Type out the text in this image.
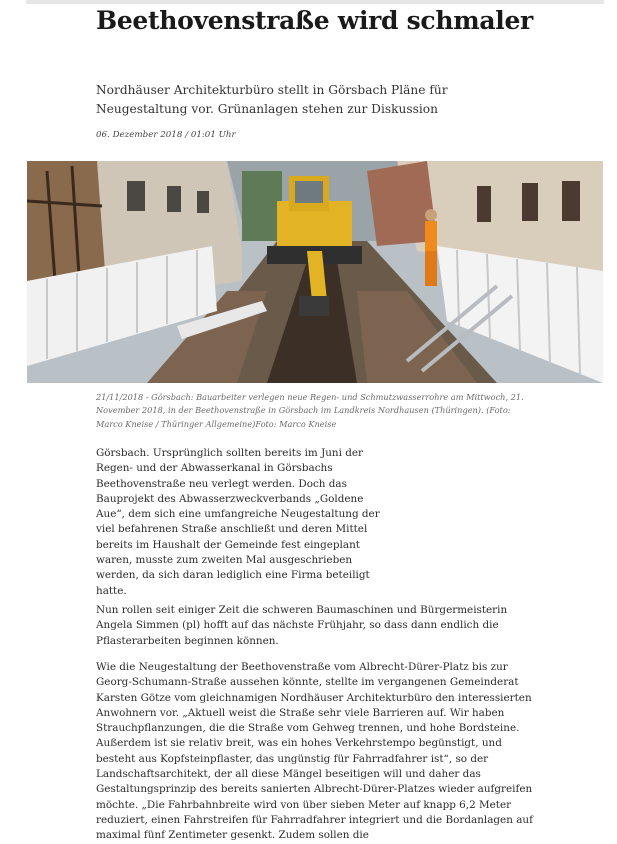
Beethovenstraße wird schmaler

Nordhäuser Architekturbüro stellt in Görsbach Pläne für Neugestaltung vor. Grünanlagen stehen zur Diskussion

06. Dezember 2018 / 01:01 Uhr

21/11/2018 - Görsbach: Bauarbeiter verlegen neue Regen- und Schmutzwasserrohre am Mittwoch, 21. November 2018, in der Beethovenstraße in Görsbach im Landkreis Nordhausen (Thüringen). (Foto: Marco Kneise / Thüringer Allgemeine)Foto: Marco Kneise

Görsbach. Ursprünglich sollten bereits im Juni der Regen- und der Abwasserkanal in Görsbachs Beethovenstraße neu verlegt werden. Doch das Bauprojekt des Abwasserzweckverbands „Goldene Aue“, dem sich eine umfangreiche Neugestaltung der viel befahrenen Straße anschließt und deren Mittel bereits im Haushalt der Gemeinde fest eingeplant waren, musste zum zweiten Mal ausgeschrieben werden, da sich daran lediglich eine Firma beteiligt hatte.

Nun rollen seit einiger Zeit die schweren Baumaschinen und Bürgermeisterin Angela Simmen (pl) hofft auf das nächste Frühjahr, so dass dann endlich die Pflasterarbeiten beginnen können.

Wie die Neugestaltung der Beethovenstraße vom Albrecht-Dürer-Platz bis zur Georg-Schumann-Straße aussehen könnte, stellte im vergangenen Gemeinderat Karsten Götze vom gleichnamigen Nordhäuser Architekturbüro den interessierten Anwohnern vor. „Aktuell weist die Straße sehr viele Barrieren auf. Wir haben Strauchpflanzungen, die die Straße vom Gehweg trennen, und hohe Bordsteine. Außerdem ist sie relativ breit, was ein hohes Verkehrstempo begünstigt, und besteht aus Kopfsteinpflaster, das ungünstig für Fahrradfahrer ist“, so der Landschaftsarchitekt, der all diese Mängel beseitigen will und daher das Gestaltungsprinzip des bereits sanierten Albrecht-Dürer-Platzes wieder aufgreifen möchte. „Die Fahrbahnbreite wird von über sieben Meter auf knapp 6,2 Meter reduziert, einen Fahrstreifen für Fahrradfahrer integriert und die Bordanlagen auf maximal fünf Zentimeter gesenkt. Zudem sollen die
